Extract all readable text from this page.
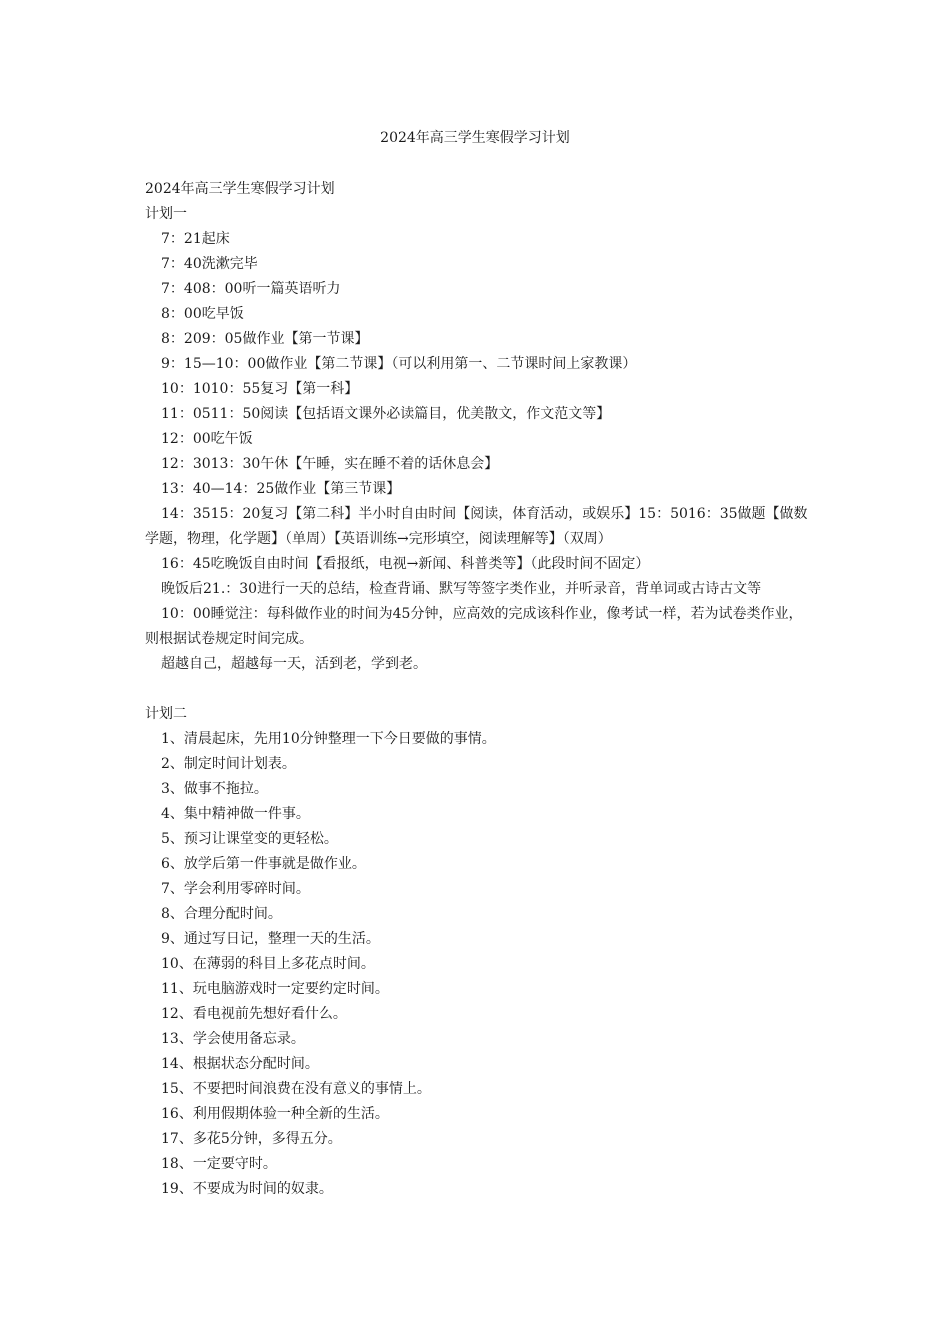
2024年高三学生寒假学习计划

2024年高三学生寒假学习计划

计划一

7：21起床

7：40洗漱完毕

7：408：00听一篇英语听力

8：00吃早饭

8：209：05做作业【第一节课】

9：15—10：00做作业【第二节课】（可以利用第一、二节课时间上家教课）

10：1010：55复习【第一科】

11：0511：50阅读【包括语文课外必读篇目，优美散文，作文范文等】

12：00吃午饭

12：3013：30午休【午睡，实在睡不着的话休息会】

13：40—14：25做作业【第三节课】

14：3515：20复习【第二科】半小时自由时间【阅读，体育活动，或娱乐】15：5016：35做题【做数学题，物理，化学题】（单周）【英语训练→完形填空，阅读理解等】（双周）

16：45吃晚饭自由时间【看报纸，电视→新闻、科普类等】（此段时间不固定）

晚饭后21.：30进行一天的总结，检查背诵、默写等签字类作业，并听录音，背单词或古诗古文等

10：00睡觉注：每科做作业的时间为45分钟，应高效的完成该科作业，像考试一样，若为试卷类作业，则根据试卷规定时间完成。

超越自己，超越每一天，活到老，学到老。

计划二

1、清晨起床，先用10分钟整理一下今日要做的事情。

2、制定时间计划表。

3、做事不拖拉。

4、集中精神做一件事。

5、预习让课堂变的更轻松。

6、放学后第一件事就是做作业。

7、学会利用零碎时间。

8、合理分配时间。

9、通过写日记，整理一天的生活。

10、在薄弱的科目上多花点时间。

11、玩电脑游戏时一定要约定时间。

12、看电视前先想好看什么。

13、学会使用备忘录。

14、根据状态分配时间。

15、不要把时间浪费在没有意义的事情上。

16、利用假期体验一种全新的生活。

17、多花5分钟，多得五分。

18、一定要守时。

19、不要成为时间的奴隶。
